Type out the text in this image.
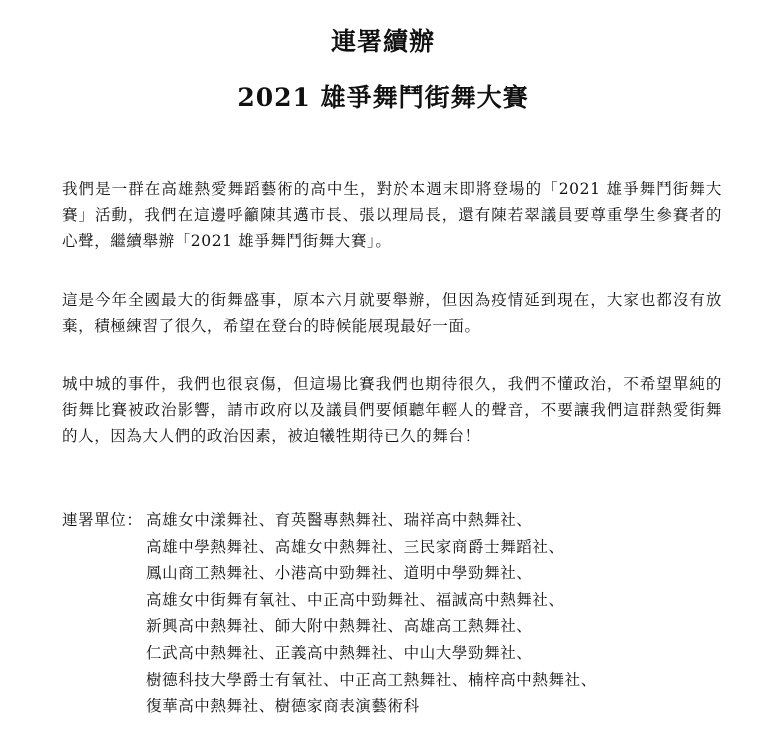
連署續辦
2021 雄爭舞鬥街舞大賽

我們是一群在高雄熱愛舞蹈藝術的高中生，對於本週末即將登場的「2021 雄爭舞鬥街舞大賽」活動，我們在這邊呼籲陳其邁市長、張以理局長，還有陳若翠議員要尊重學生參賽者的心聲，繼續舉辦「2021 雄爭舞鬥街舞大賽」。

這是今年全國最大的街舞盛事，原本六月就要舉辦，但因為疫情延到現在，大家也都沒有放棄，積極練習了很久，希望在登台的時候能展現最好一面。

城中城的事件，我們也很哀傷，但這場比賽我們也期待很久，我們不懂政治，不希望單純的街舞比賽被政治影響，請市政府以及議員們要傾聽年輕人的聲音，不要讓我們這群熱愛街舞的人，因為大人們的政治因素，被迫犧牲期待已久的舞台！

連署單位： 高雄女中漾舞社、育英醫專熱舞社、瑞祥高中熱舞社、
高雄中學熱舞社、高雄女中熱舞社、三民家商爵士舞蹈社、
鳳山商工熱舞社、小港高中勁舞社、道明中學勁舞社、
高雄女中街舞有氧社、中正高中勁舞社、福誠高中熱舞社、
新興高中熱舞社、師大附中熱舞社、高雄高工熱舞社、
仁武高中熱舞社、正義高中熱舞社、中山大學勁舞社、
樹德科技大學爵士有氧社、中正高工熱舞社、楠梓高中熱舞社、
復華高中熱舞社、樹德家商表演藝術科
